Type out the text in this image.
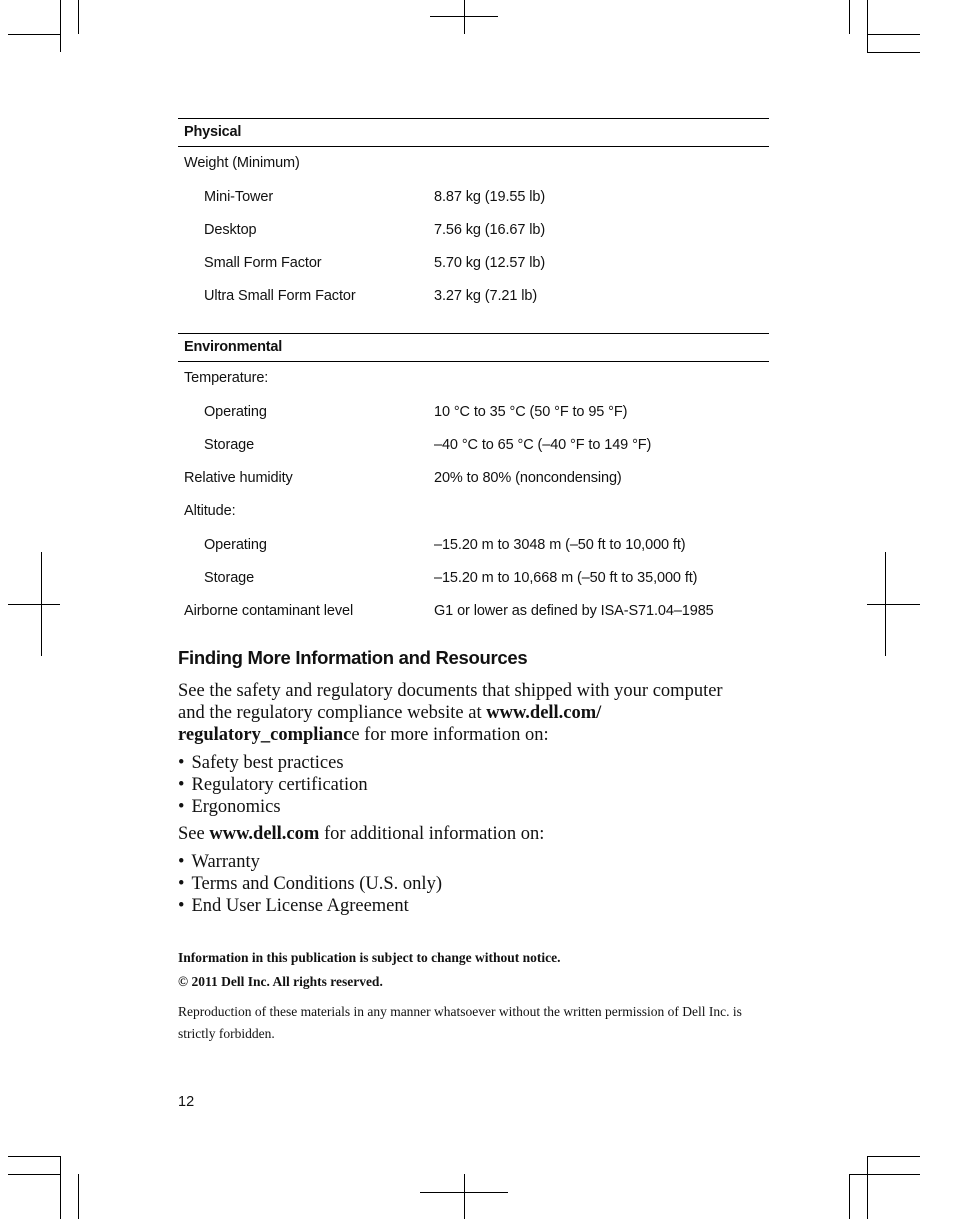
Physical
Weight (Minimum)
Mini-Tower	8.87 kg (19.55 lb)
Desktop	7.56 kg (16.67 lb)
Small Form Factor	5.70 kg (12.57 lb)
Ultra Small Form Factor	3.27 kg (7.21 lb)
Environmental
Temperature:
Operating	10 °C to 35 °C (50 °F to 95 °F)
Storage	–40 °C to 65 °C (–40 °F to 149 °F)
Relative humidity	20% to 80% (noncondensing)
Altitude:
Operating	–15.20 m to 3048 m (–50 ft to 10,000 ft)
Storage	–15.20 m to 10,668 m (–50 ft to 35,000 ft)
Airborne contaminant level	G1 or lower as defined by ISA-S71.04–1985
Finding More Information and Resources
See the safety and regulatory documents that shipped with your computer
and the regulatory compliance website at www.dell.com/
regulatory_compliance for more information on:
• Safety best practices
• Regulatory certification
• Ergonomics
See www.dell.com for additional information on:
• Warranty
• Terms and Conditions (U.S. only)
• End User License Agreement
Information in this publication is subject to change without notice.
© 2011 Dell Inc. All rights reserved.
Reproduction of these materials in any manner whatsoever without the written permission of Dell Inc. is strictly forbidden.
12
